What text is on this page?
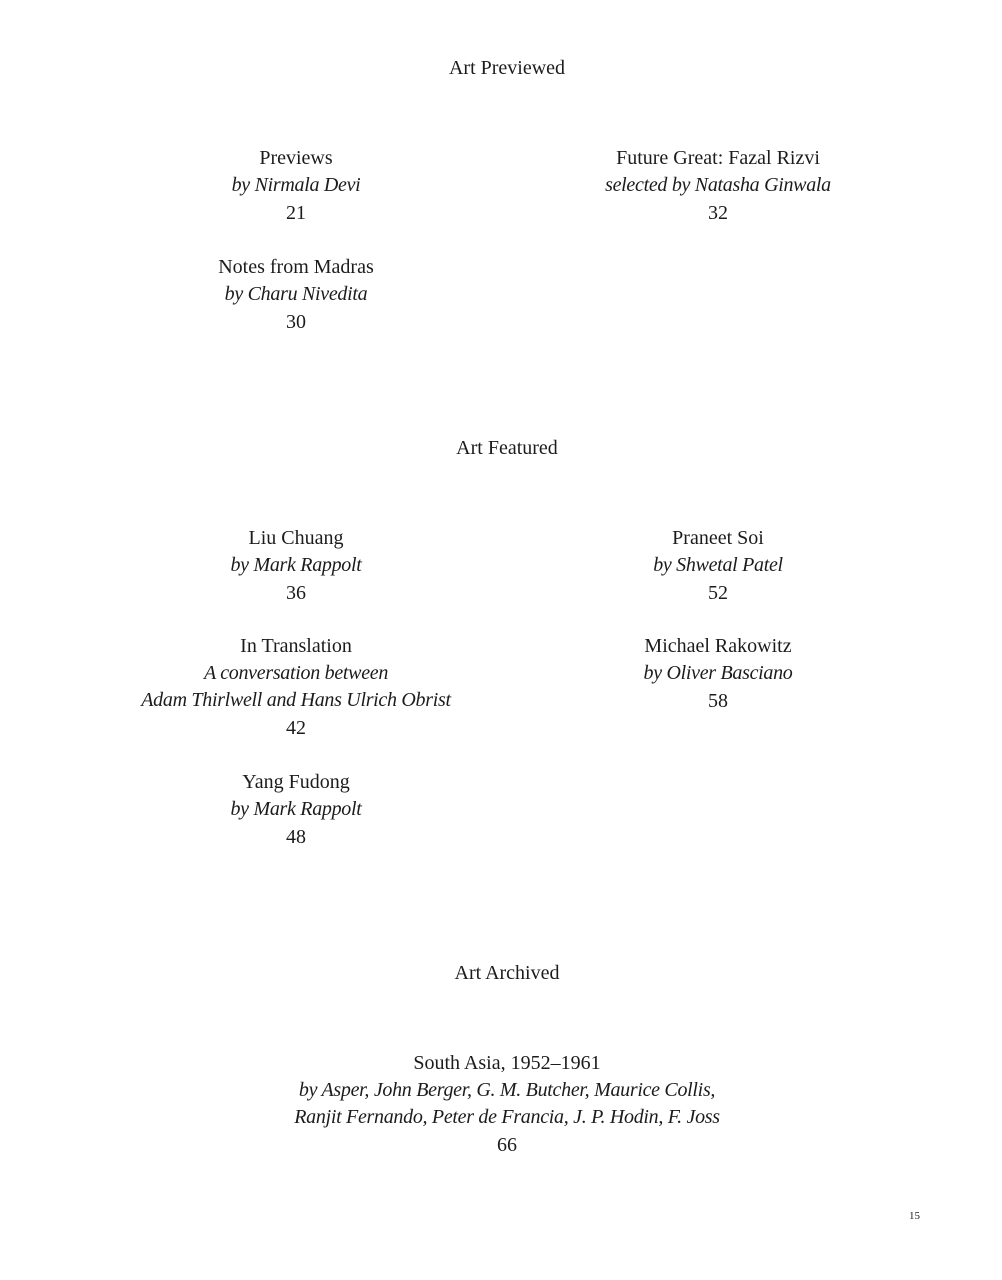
Art Previewed
Previews
by Nirmala Devi
21
Future Great: Fazal Rizvi
selected by Natasha Ginwala
32
Notes from Madras
by Charu Nivedita
30
Art Featured
Liu Chuang
by Mark Rappolt
36
Praneet Soi
by Shwetal Patel
52
In Translation
A conversation between
Adam Thirlwell and Hans Ulrich Obrist
42
Michael Rakowitz
by Oliver Basciano
58
Yang Fudong
by Mark Rappolt
48
Art Archived
South Asia, 1952–1961
by Asper, John Berger, G. M. Butcher, Maurice Collis,
Ranjit Fernando, Peter de Francia, J. P. Hodin, F. Joss
66
15
